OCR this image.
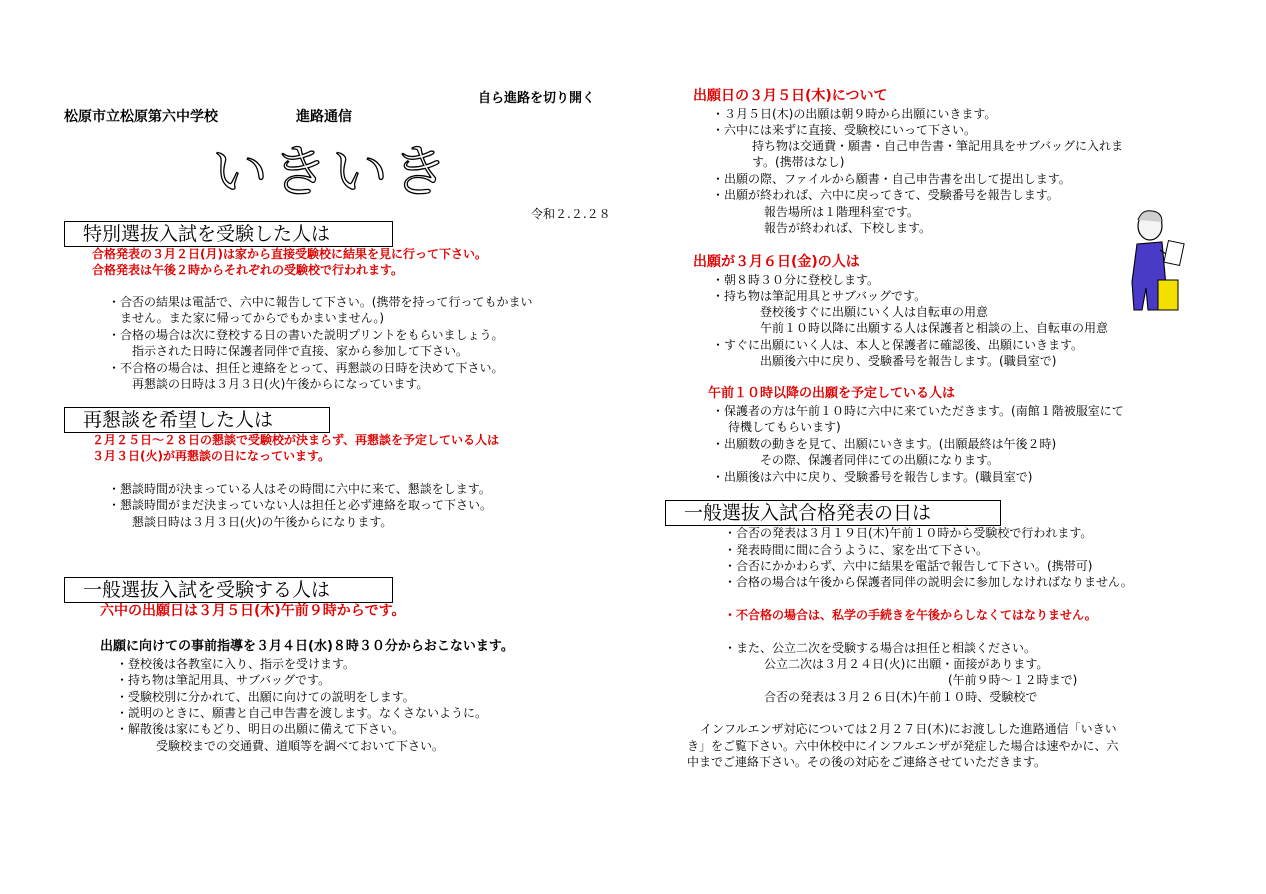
自ら進路を切り開く
松原市立松原第六中学校	進路通信
いきいき
令和２.２.２８
特別選抜入試を受験した人は
合格発表の３月２日(月)は家から直接受験校に結果を見に行って下さい。
合格発表は午後２時からそれぞれの受験校で行われます。
・合否の結果は電話で、六中に報告して下さい。(携帯を持って行ってもかまい
ません。また家に帰ってからでもかまいません。)
・合格の場合は次に登校する日の書いた説明プリントをもらいましょう。
指示された日時に保護者同伴で直接、家から参加して下さい。
・不合格の場合は、担任と連絡をとって、再懇談の日時を決めて下さい。
再懇談の日時は３月３日(火)午後からになっています。
再懇談を希望した人は
２月２５日～２８日の懇談で受験校が決まらず、再懇談を予定している人は
３月３日(火)が再懇談の日になっています。
・懇談時間が決まっている人はその時間に六中に来て、懇談をします。
・懇談時間がまだ決まっていない人は担任と必ず連絡を取って下さい。
懇談日時は３月３日(火)の午後からになります。
一般選抜入試を受験する人は
六中の出願日は３月５日(木)午前９時からです。
出願に向けての事前指導を３月４日(水)８時３０分からおこないます。
・登校後は各教室に入り、指示を受けます。
・持ち物は筆記用具、サブバッグです。
・受験校別に分かれて、出願に向けての説明をします。
・説明のときに、願書と自己申告書を渡します。なくさないように。
・解散後は家にもどり、明日の出願に備えて下さい。
受験校までの交通費、道順等を調べておいて下さい。
出願日の３月５日(木)について
・３月５日(木)の出願は朝９時から出願にいきます。
・六中には来ずに直接、受験校にいって下さい。
持ち物は交通費・願書・自己申告書・筆記用具をサブバッグに入れま
す。(携帯はなし)
・出願の際、ファイルから願書・自己申告書を出して提出します。
・出願が終われば、六中に戻ってきて、受験番号を報告します。
報告場所は１階理科室です。
報告が終われば、下校します。
出願が３月６日(金)の人は
・朝８時３０分に登校します。
・持ち物は筆記用具とサブバッグです。
登校後すぐに出願にいく人は自転車の用意
午前１０時以降に出願する人は保護者と相談の上、自転車の用意
・すぐに出願にいく人は、本人と保護者に確認後、出願にいきます。
出願後六中に戻り、受験番号を報告します。(職員室で)
午前１０時以降の出願を予定している人は
・保護者の方は午前１０時に六中に来ていただきます。(南館１階被服室にて
待機してもらいます)
・出願数の動きを見て、出願にいきます。(出願最終は午後２時)
その際、保護者同伴にての出願になります。
・出願後は六中に戻り、受験番号を報告します。(職員室で)
一般選抜入試合格発表の日は
・合否の発表は３月１９日(木)午前１０時から受験校で行われます。
・発表時間に間に合うように、家を出て下さい。
・合否にかかわらず、六中に結果を電話で報告して下さい。(携帯可)
・合格の場合は午後から保護者同伴の説明会に参加しなければなりません。
・不合格の場合は、私学の手続きを午後からしなくてはなりません。
・また、公立二次を受験する場合は担任と相談ください。
公立二次は３月２４日(火)に出願・面接があります。
(午前９時～１２時まで)
合否の発表は３月２６日(木)午前１０時、受験校で
インフルエンザ対応については２月２７日(木)にお渡しした進路通信「いきい
き」をご覧下さい。六中休校中にインフルエンザが発症した場合は速やかに、六
中までご連絡下さい。その後の対応をご連絡させていただきます。
